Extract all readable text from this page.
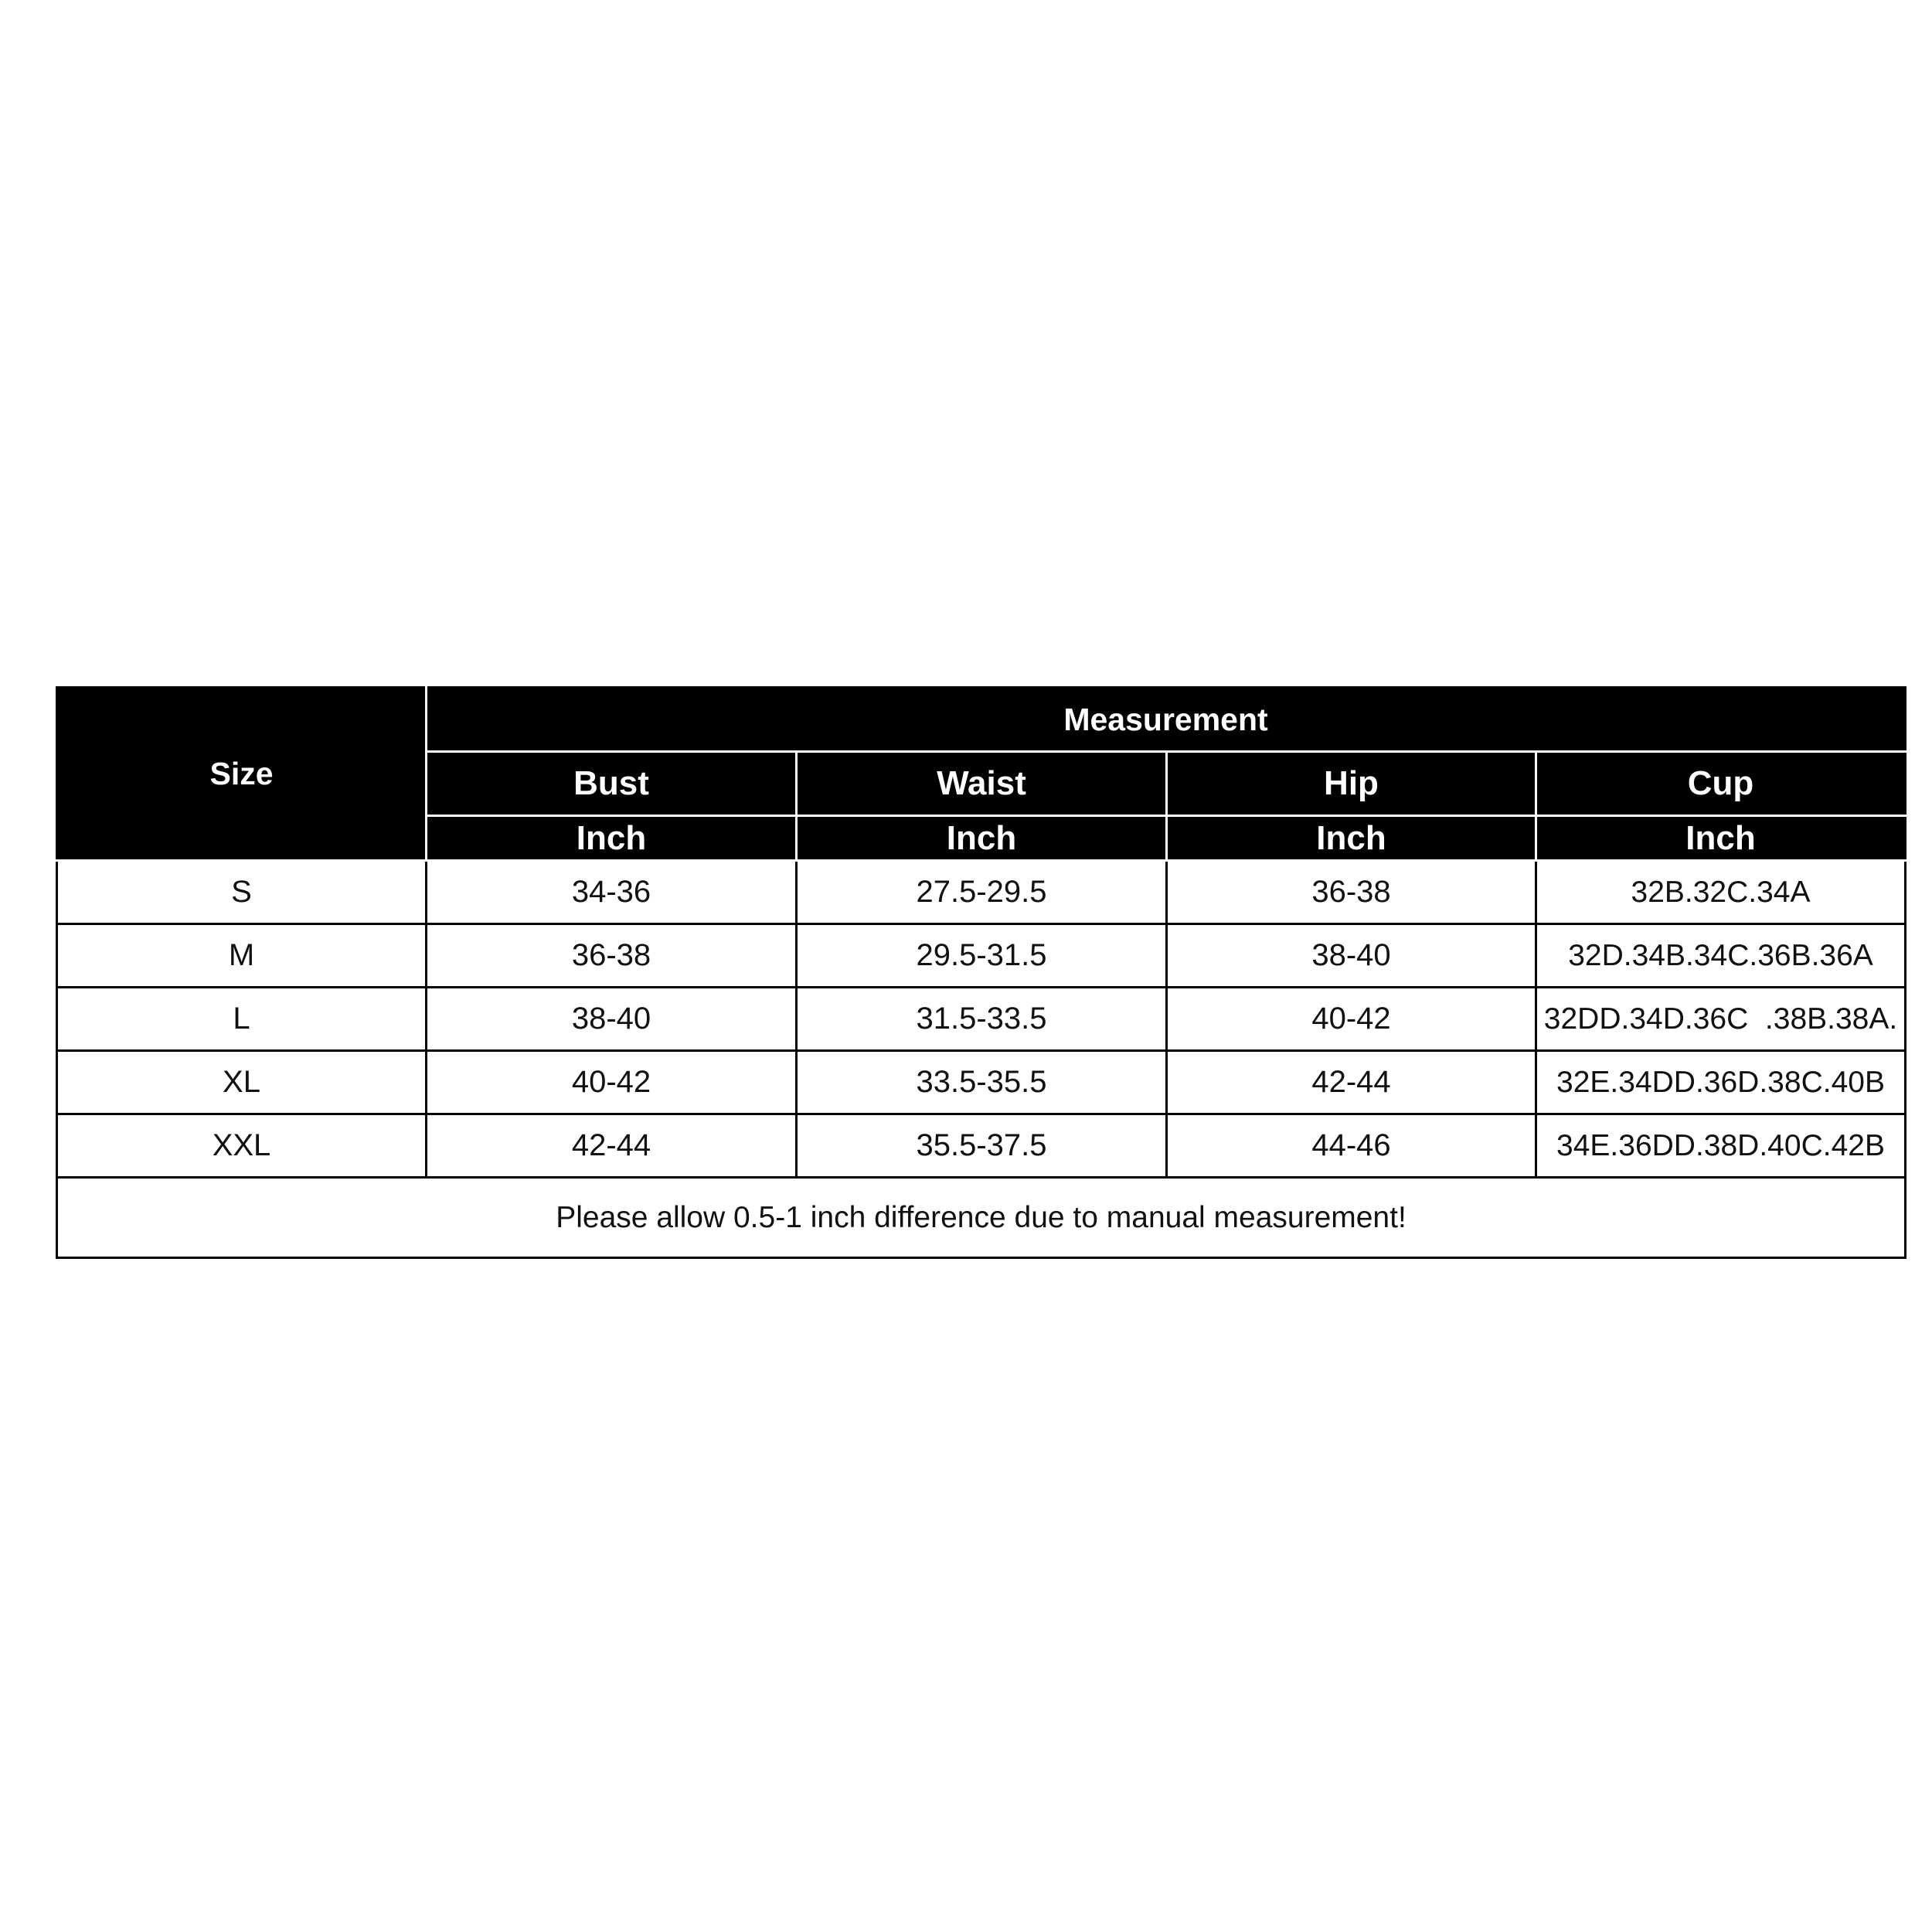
Size	Measurement			
	Bust	Waist	Hip	Cup
	Inch	Inch	Inch	Inch
S	34-36	27.5-29.5	36-38	32B.32C.34A
M	36-38	29.5-31.5	38-40	32D.34B.34C.36B.36A
L	38-40	31.5-33.5	40-42	32DD.34D.36C  .38B.38A.
XL	40-42	33.5-35.5	42-44	32E.34DD.36D.38C.40B
XXL	42-44	35.5-37.5	44-46	34E.36DD.38D.40C.42B
Please allow 0.5-1 inch difference due to manual measurement!				
